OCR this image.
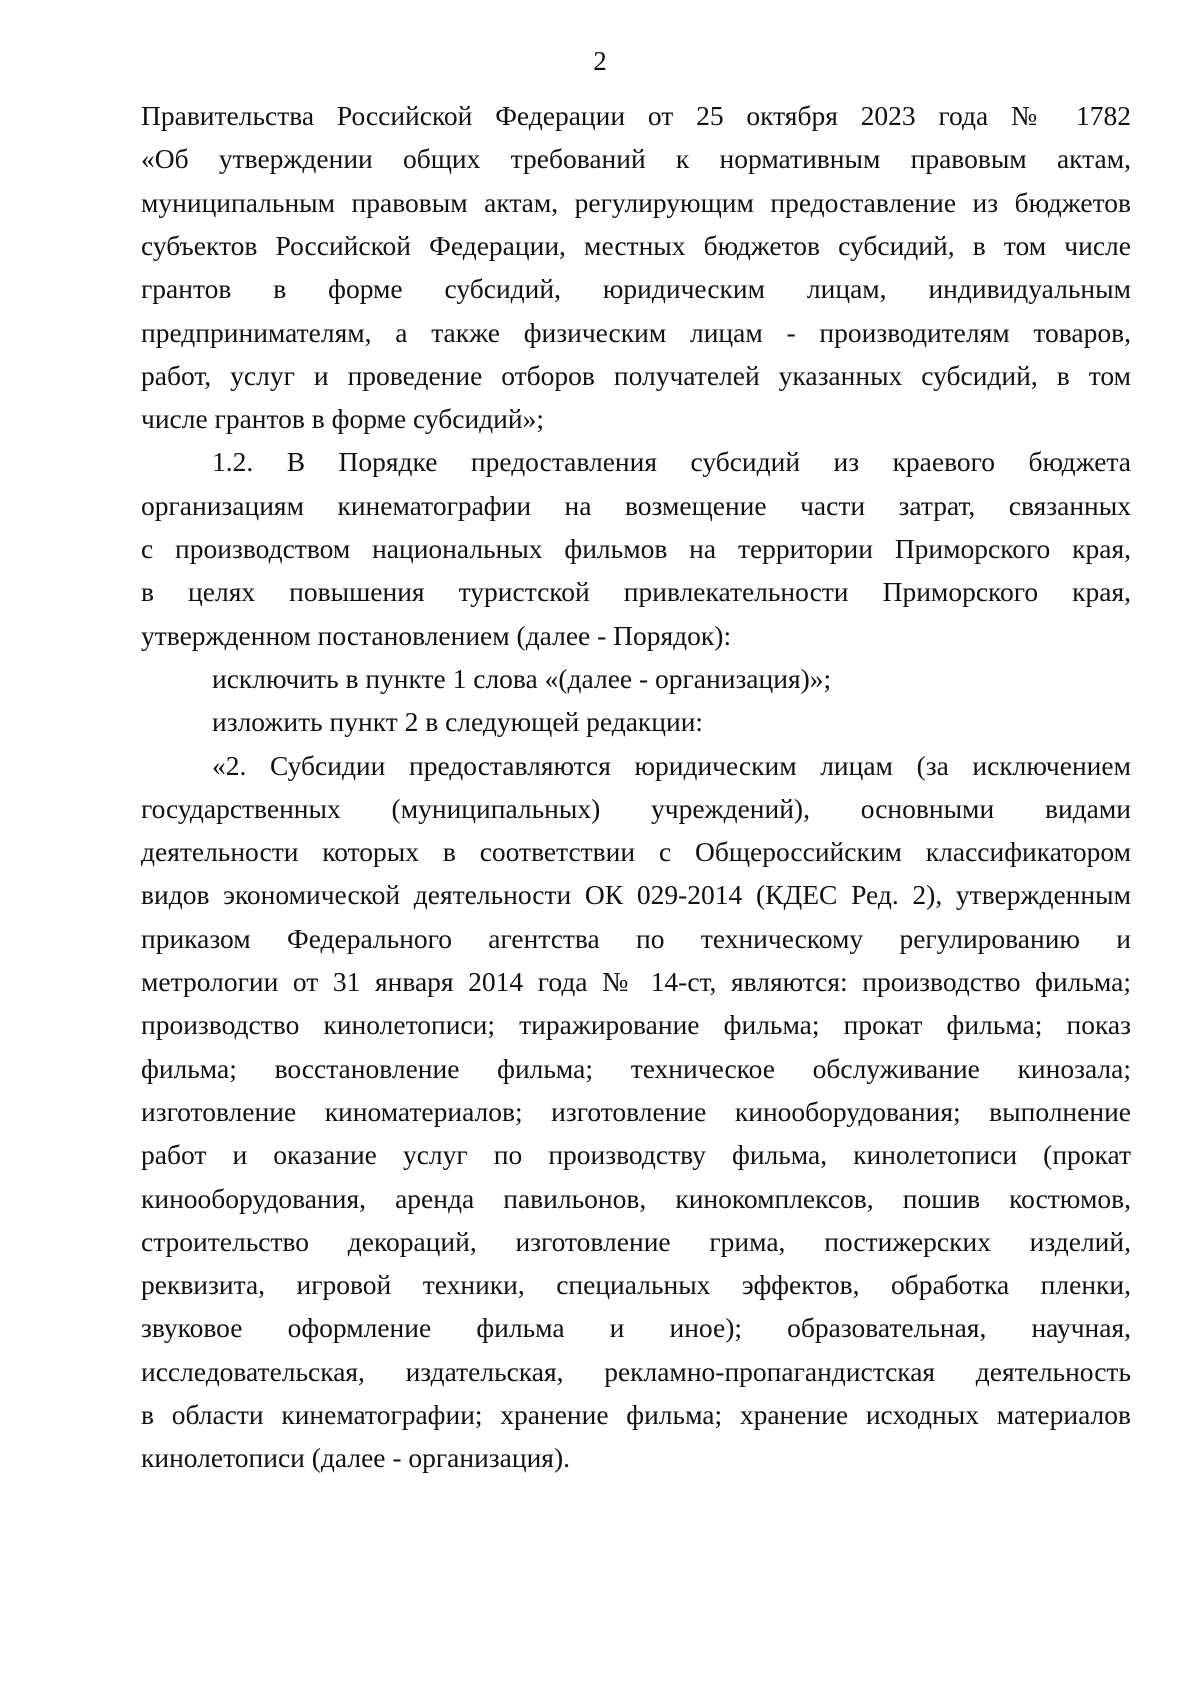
2
Правительства Российской Федерации от 25 октября 2023 года № 1782
«Об утверждении общих требований к нормативным правовым актам,
муниципальным правовым актам, регулирующим предоставление из бюджетов
субъектов Российской Федерации, местных бюджетов субсидий, в том числе
грантов в форме субсидий, юридическим лицам, индивидуальным
предпринимателям, а также физическим лицам - производителям товаров,
работ, услуг и проведение отборов получателей указанных субсидий, в том
числе грантов в форме субсидий»;
1.2. В Порядке предоставления субсидий из краевого бюджета
организациям кинематографии на возмещение части затрат, связанных
с производством национальных фильмов на территории Приморского края,
в целях повышения туристской привлекательности Приморского края,
утвержденном постановлением (далее - Порядок):
исключить в пункте 1 слова «(далее - организация)»;
изложить пункт 2 в следующей редакции:
«2. Субсидии предоставляются юридическим лицам (за исключением
государственных (муниципальных) учреждений), основными видами
деятельности которых в соответствии с Общероссийским классификатором
видов экономической деятельности ОК 029-2014 (КДЕС Ред. 2), утвержденным
приказом Федерального агентства по техническому регулированию и
метрологии от 31 января 2014 года № 14-ст, являются: производство фильма;
производство кинолетописи; тиражирование фильма; прокат фильма; показ
фильма; восстановление фильма; техническое обслуживание кинозала;
изготовление киноматериалов; изготовление кинооборудования; выполнение
работ и оказание услуг по производству фильма, кинолетописи (прокат
кинооборудования, аренда павильонов, кинокомплексов, пошив костюмов,
строительство декораций, изготовление грима, постижерских изделий,
реквизита, игровой техники, специальных эффектов, обработка пленки,
звуковое оформление фильма и иное); образовательная, научная,
исследовательская, издательская, рекламно-пропагандистская деятельность
в области кинематографии; хранение фильма; хранение исходных материалов
кинолетописи (далее - организация).
